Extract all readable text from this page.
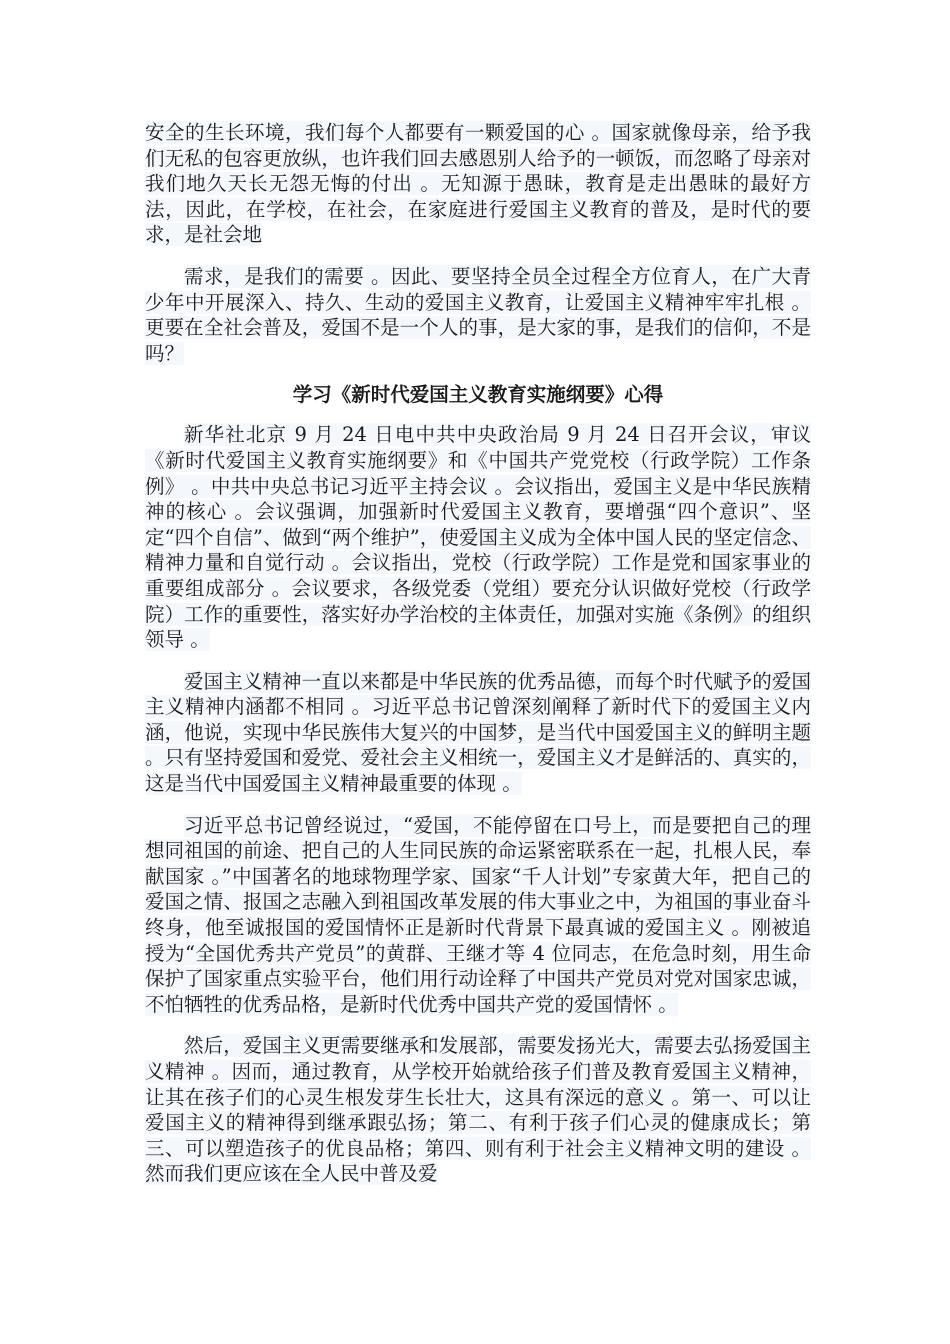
安全的生长环境，我们每个人都要有一颗爱国的心 。国家就像母亲，给予我们无私的包容更放纵，也许我们回去感恩别人给予的一顿饭，而忽略了母亲对我们地久天长无怨无悔的付出 。无知源于愚昧，教育是走出愚昧的最好方法，因此，在学校，在社会，在家庭进行爱国主义教育的普及，是时代的要求，是社会地

需求，是我们的需要 。因此、要坚持全员全过程全方位育人，在广大青少年中开展深入、持久、生动的爱国主义教育，让爱国主义精神牢牢扎根 。更要在全社会普及，爱国不是一个人的事，是大家的事，是我们的信仰，不是吗？

学习《新时代爱国主义教育实施纲要》心得

新华社北京 9 月 24 日电中共中央政治局 9 月 24 日召开会议，审议《新时代爱国主义教育实施纲要》和《中国共产党党校（行政学院）工作条例》 。中共中央总书记习近平主持会议 。会议指出，爱国主义是中华民族精神的核心 。会议强调，加强新时代爱国主义教育，要增强“四个意识”、坚定“四个自信”、做到“两个维护”，使爱国主义成为全体中国人民的坚定信念、精神力量和自觉行动 。会议指出，党校（行政学院）工作是党和国家事业的重要组成部分 。会议要求，各级党委（党组）要充分认识做好党校（行政学院）工作的重要性，落实好办学治校的主体责任，加强对实施《条例》的组织领导 。

爱国主义精神一直以来都是中华民族的优秀品德，而每个时代赋予的爱国主义精神内涵都不相同 。习近平总书记曾深刻阐释了新时代下的爱国主义内涵，他说，实现中华民族伟大复兴的中国梦，是当代中国爱国主义的鲜明主题 。只有坚持爱国和爱党、爱社会主义相统一，爱国主义才是鲜活的、真实的，这是当代中国爱国主义精神最重要的体现 。

习近平总书记曾经说过，“爱国，不能停留在口号上，而是要把自己的理想同祖国的前途、把自己的人生同民族的命运紧密联系在一起，扎根人民，奉献国家 。”中国著名的地球物理学家、国家“千人计划”专家黄大年，把自己的爱国之情、报国之志融入到祖国改革发展的伟大事业之中，为祖国的事业奋斗终身，他至诚报国的爱国情怀正是新时代背景下最真诚的爱国主义 。刚被追授为“全国优秀共产党员”的黄群、王继才等 4 位同志，在危急时刻，用生命保护了国家重点实验平台，他们用行动诠释了中国共产党员对党对国家忠诚，不怕牺牲的优秀品格，是新时代优秀中国共产党的爱国情怀 。

然后，爱国主义更需要继承和发展部，需要发扬光大，需要去弘扬爱国主义精神 。因而，通过教育，从学校开始就给孩子们普及教育爱国主义精神，让其在孩子们的心灵生根发芽生长壮大，这具有深远的意义 。第一、可以让爱国主义的精神得到继承跟弘扬；第二、有利于孩子们心灵的健康成长；第三、可以塑造孩子的优良品格；第四、则有利于社会主义精神文明的建设 。然而我们更应该在全人民中普及爱
